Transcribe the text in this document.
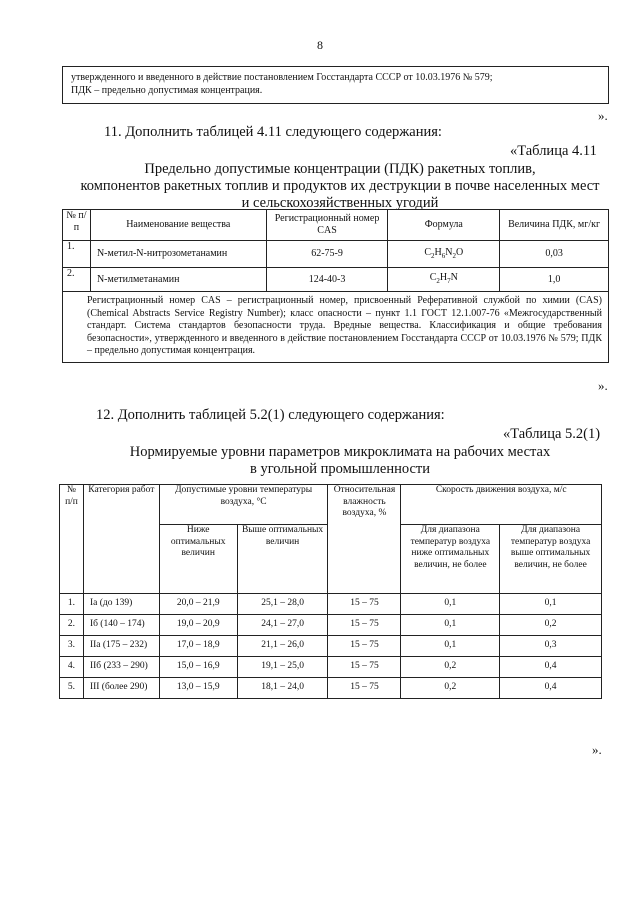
8
утвержденного и введенного в действие постановлением Госстандарта СССР от 10.03.1976 № 579;
ПДК – предельно допустимая концентрация.
».
11. Дополнить таблицей 4.11 следующего содержания:
«Таблица 4.11
Предельно допустимые концентрации (ПДК) ракетных топлив,
компонентов ракетных топлив и продуктов их деструкции в почве населенных мест
и сельскохозяйственных угодий
№ п/п	Наименование вещества	Регистрационный номер CAS	Формула	Величина ПДК, мг/кг
1.	N-метил-N-нитрозометанамин	62-75-9	$C_2H_6N_2O$	0,03
2.	N-метилметанамин	124-40-3	$C_2H_7N$	1,0
Регистрационный номер CAS – регистрационный номер, присвоенный Реферативной службой по химии (CAS) (Chemical Abstracts Service Registry Number); класс опасности – пункт 1.1 ГОСТ 12.1.007-76 «Межгосударственный стандарт. Система стандартов безопасности труда. Вредные вещества. Классификация и общие требования безопасности», утвержденного и введенного в действие постановлением Госстандарта СССР от 10.03.1976 № 579; ПДК – предельно допустимая концентрация.				
».
12. Дополнить таблицей 5.2(1) следующего содержания:
«Таблица 5.2(1)
Нормируемые уровни параметров микроклимата на рабочих местах
в угольной промышленности
№ п/п	Категория работ	Допустимые уровни температуры воздуха, °С		Относительная влажность воздуха, %	Скорость движения воздуха, м/с	
		Ниже оптимальных величин	Выше оптимальных величин		Для диапазона температур воздуха ниже оптимальных величин, не более	Для диапазона температур воздуха выше оптимальных величин, не более
1.	Iа (до 139)	20,0 – 21,9	25,1 – 28,0	15 – 75	0,1	0,1
2.	Iб (140 – 174)	19,0 – 20,9	24,1 – 27,0	15 – 75	0,1	0,2
3.	IIа (175 – 232)	17,0 – 18,9	21,1 – 26,0	15 – 75	0,1	0,3
4.	IIб (233 – 290)	15,0 – 16,9	19,1 – 25,0	15 – 75	0,2	0,4
5.	III (более 290)	13,0 – 15,9	18,1 – 24,0	15 – 75	0,2	0,4
».
